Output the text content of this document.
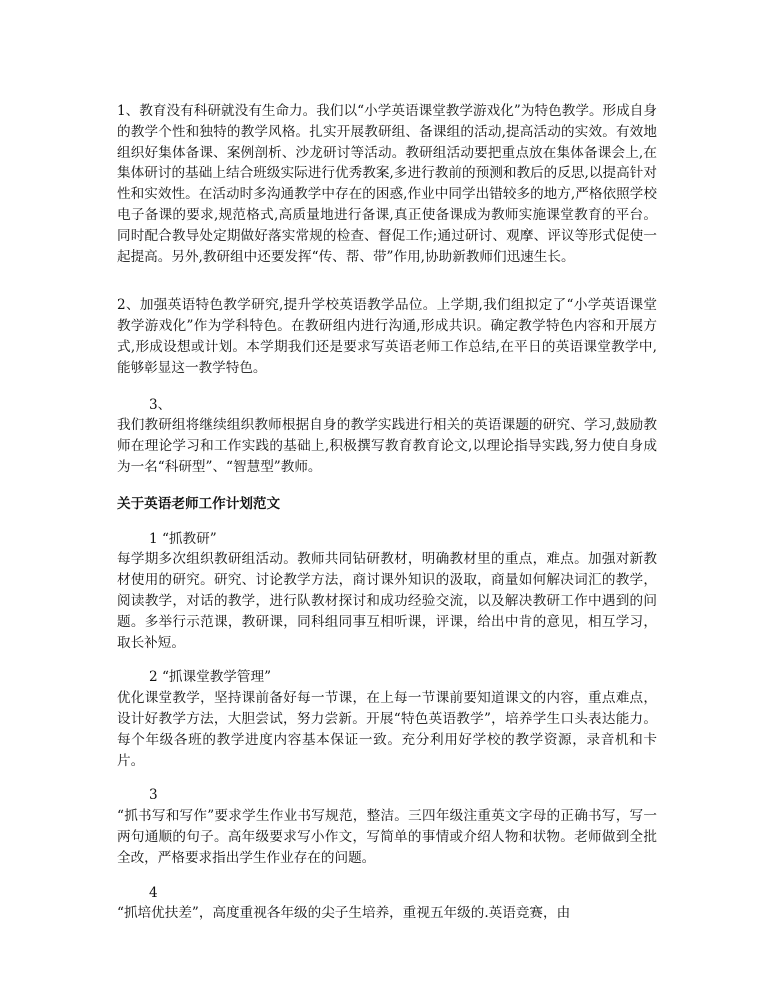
1、教育没有科研就没有生命力。我们以“小学英语课堂教学游戏化”为特色教学。形成自身的教学个性和独特的教学风格。扎实开展教研组、备课组的活动,提高活动的实效。有效地组织好集体备课、案例剖析、沙龙研讨等活动。教研组活动要把重点放在集体备课会上,在集体研讨的基础上结合班级实际进行优秀教案,多进行教前的预测和教后的反思,以提高针对性和实效性。在活动时多沟通教学中存在的困惑,作业中同学出错较多的地方,严格依照学校电子备课的要求,规范格式,高质量地进行备课,真正使备课成为教师实施课堂教育的平台。同时配合教导处定期做好落实常规的检查、督促工作;通过研讨、观摩、评议等形式促使一起提高。另外,教研组中还要发挥“传、帮、带”作用,协助新教师们迅速生长。

2、加强英语特色教学研究,提升学校英语教学品位。上学期,我们组拟定了“小学英语课堂教学游戏化”作为学科特色。在教研组内进行沟通,形成共识。确定教学特色内容和开展方式,形成设想或计划。本学期我们还是要求写英语老师工作总结,在平日的英语课堂教学中,能够彰显这一教学特色。

3、

我们教研组将继续组织教师根据自身的教学实践进行相关的英语课题的研究、学习,鼓励教师在理论学习和工作实践的基础上,积极撰写教育教育论文,以理论指导实践,努力使自身成为一名“科研型”、“智慧型”教师。

关于英语老师工作计划范文

1 “抓教研”

每学期多次组织教研组活动。教师共同钻研教材，明确教材里的重点，难点。加强对新教材使用的研究。研究、讨论教学方法，商讨课外知识的汲取，商量如何解决词汇的教学，阅读教学，对话的教学，进行队教材探讨和成功经验交流，以及解决教研工作中遇到的问题。多举行示范课，教研课，同科组同事互相听课，评课，给出中肯的意见，相互学习，取长补短。

2 “抓课堂教学管理”

优化课堂教学，坚持课前备好每一节课，在上每一节课前要知道课文的内容，重点难点，设计好教学方法，大胆尝试，努力尝新。开展“特色英语教学”，培养学生口头表达能力。每个年级各班的教学进度内容基本保证一致。充分利用好学校的教学资源，录音机和卡片。

3

“抓书写和写作”要求学生作业书写规范，整洁。三四年级注重英文字母的正确书写，写一两句通顺的句子。高年级要求写小作文，写简单的事情或介绍人物和状物。老师做到全批全改，严格要求指出学生作业存在的问题。

4

“抓培优扶差”，高度重视各年级的尖子生培养，重视五年级的.英语竞赛，由
